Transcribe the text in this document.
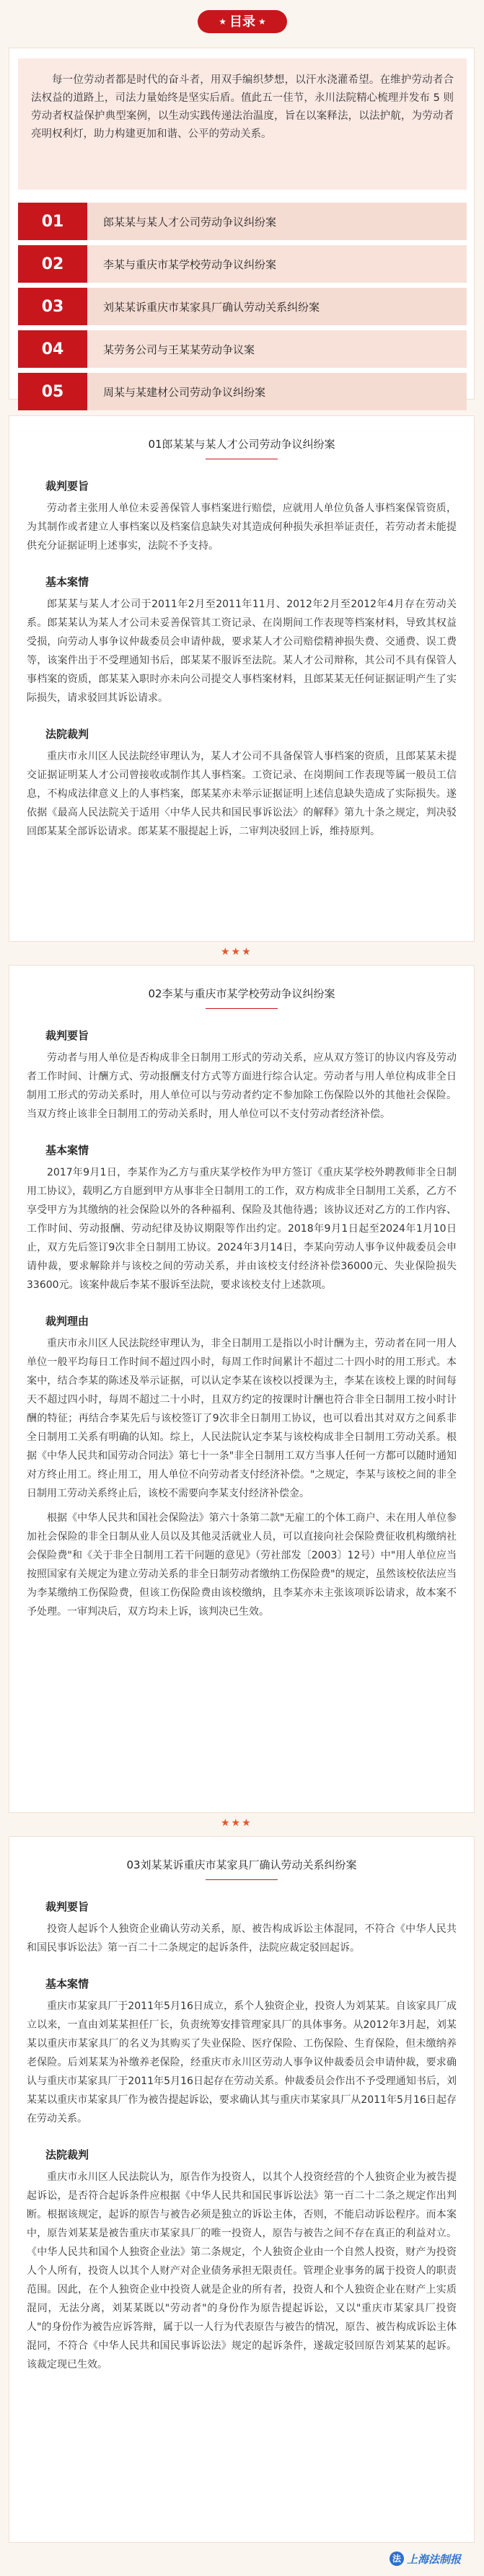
★ 目录 ★

每一位劳动者都是时代的奋斗者，用双手编织梦想，以汗水浇灌希望。在维护劳动者合法权益的道路上，司法力量始终是坚实后盾。值此五一佳节，永川法院精心梳理并发布 5 则劳动者权益保护典型案例，以生动实践传递法治温度，旨在以案释法，以法护航，为劳动者亮明权利灯，助力构建更加和谐、公平的劳动关系。

01	郎某某与某人才公司劳动争议纠纷案
02	李某与重庆市某学校劳动争议纠纷案
03	刘某某诉重庆市某家具厂确认劳动关系纠纷案
04	某劳务公司与王某某劳动争议案
05	周某与某建材公司劳动争议纠纷案
01郎某某与某人才公司劳动争议纠纷案
裁判要旨

劳动者主张用人单位未妥善保管人事档案进行赔偿，应就用人单位负备人事档案保管资质，为其制作或者建立人事档案以及档案信息缺失对其造成何种损失承担举证责任，若劳动者未能提供充分证据证明上述事实，法院不予支持。

基本案情

郎某某与某人才公司于2011年2月至2011年11月、2012年2月至2012年4月存在劳动关系。郎某某认为某人才公司未妥善保管其工资记录、在岗期间工作表现等档案材料，导致其权益受损，向劳动人事争议仲裁委员会申请仲裁，要求某人才公司赔偿精神损失费、交通费、误工费等，该案件出于不受理通知书后，郎某某不服诉至法院。某人才公司辩称，其公司不具有保管人事档案的资质，郎某某入职时亦未向公司提交人事档案材料，且郎某某无任何证据证明产生了实际损失，请求驳回其诉讼请求。

法院裁判

重庆市永川区人民法院经审理认为，某人才公司不具备保管人事档案的资质，且郎某某未提交证据证明某人才公司曾接收或制作其人事档案。工资记录、在岗期间工作表现等属一般员工信息，不构成法律意义上的人事档案，郎某某亦未举示证据证明上述信息缺失造成了实际损失。遂依据《最高人民法院关于适用〈中华人民共和国民事诉讼法〉的解释》第九十条之规定，判决驳回郎某某全部诉讼请求。郎某某不服提起上诉，二审判决驳回上诉，维持原判。

★★★
02李某与重庆市某学校劳动争议纠纷案
裁判要旨

劳动者与用人单位是否构成非全日制用工形式的劳动关系，应从双方签订的协议内容及劳动者工作时间、计酬方式、劳动报酬支付方式等方面进行综合认定。劳动者与用人单位构成非全日制用工形式的劳动关系时，用人单位可以与劳动者约定不参加除工伤保险以外的其他社会保险。当双方终止该非全日制用工的劳动关系时，用人单位可以不支付劳动者经济补偿。

基本案情

2017年9月1日，李某作为乙方与重庆某学校作为甲方签订《重庆某学校外聘教师非全日制用工协议》，载明乙方自愿到甲方从事非全日制用工的工作，双方构成非全日制用工关系，乙方不享受甲方为其缴纳的社会保险以外的各种福利、保险及其他待遇；该协议还对乙方的工作内容、工作时间、劳动报酬、劳动纪律及协议期限等作出约定。2018年9月1日起至2024年1月10日止，双方先后签订9次非全日制用工协议。2024年3月14日，李某向劳动人事争议仲裁委员会申请仲裁，要求解除并与该校之间的劳动关系，并由该校支付经济补偿36000元、失业保险损失33600元。该案仲裁后李某不服诉至法院，要求该校支付上述款项。

裁判理由

重庆市永川区人民法院经审理认为，非全日制用工是指以小时计酬为主，劳动者在同一用人单位一般平均每日工作时间不超过四小时，每周工作时间累计不超过二十四小时的用工形式。本案中，结合李某的陈述及举示证据，可以认定李某在该校以授课为主，李某在该校上课的时间每天不超过四小时，每周不超过二十小时，且双方约定的按课时计酬也符合非全日制用工按小时计酬的特征；再结合李某先后与该校签订了9次非全日制用工协议，也可以看出其对双方之间系非全日制用工关系有明确的认知。综上，人民法院认定李某与该校构成非全日制用工劳动关系。根据《中华人民共和国劳动合同法》第七十一条"非全日制用工双方当事人任何一方都可以随时通知对方终止用工。终止用工，用人单位不向劳动者支付经济补偿。"之规定，李某与该校之间的非全日制用工劳动关系终止后，该校不需要向李某支付经济补偿金。

根据《中华人民共和国社会保险法》第六十条第二款"无雇工的个体工商户、未在用人单位参加社会保险的非全日制从业人员以及其他灵活就业人员，可以直接向社会保险费征收机构缴纳社会保险费"和《关于非全日制用工若干问题的意见》（劳社部发〔2003〕12号）中"用人单位应当按照国家有关规定为建立劳动关系的非全日制劳动者缴纳工伤保险费"的规定，虽然该校依法应当为李某缴纳工伤保险费，但该工伤保险费由该校缴纳，且李某亦未主张该项诉讼请求，故本案不予处理。一审判决后，双方均未上诉，该判决已生效。

★★★
03刘某某诉重庆市某家具厂确认劳动关系纠纷案
裁判要旨

投资人起诉个人独资企业确认劳动关系，原、被告构成诉讼主体混同，不符合《中华人民共和国民事诉讼法》第一百二十二条规定的起诉条件，法院应裁定驳回起诉。

基本案情

重庆市某家具厂于2011年5月16日成立，系个人独资企业，投资人为刘某某。自该家具厂成立以来，一直由刘某某担任厂长，负责统筹安排管理家具厂的具体事务。从2012年3月起，刘某某以重庆市某家具厂的名义为其购买了失业保险、医疗保险、工伤保险、生育保险，但未缴纳养老保险。后刘某某为补缴养老保险，经重庆市永川区劳动人事争议仲裁委员会申请仲裁，要求确认与重庆市某家具厂于2011年5月16日起存在劳动关系。仲裁委员会作出不予受理通知书后，刘某某以重庆市某家具厂作为被告提起诉讼，要求确认其与重庆市某家具厂从2011年5月16日起存在劳动关系。

法院裁判

重庆市永川区人民法院认为，原告作为投资人，以其个人投资经营的个人独资企业为被告提起诉讼，是否符合起诉条件应根据《中华人民共和国民事诉讼法》第一百二十二条之规定作出判断。根据该规定，起诉的原告与被告必须是独立的诉讼主体，否则，不能启动诉讼程序。而本案中，原告刘某某是被告重庆市某家具厂的唯一投资人，原告与被告之间不存在真正的利益对立。《中华人民共和国个人独资企业法》第二条规定，个人独资企业由一个自然人投资，财产为投资人个人所有，投资人以其个人财产对企业债务承担无限责任。管理企业事务的属于投资人的职责范围。因此，在个人独资企业中投资人就是企业的所有者，投资人和个人独资企业在财产上实质混同，无法分离，刘某某既以"劳动者"的身份作为原告提起诉讼，又以"重庆市某家具厂投资人"的身份作为被告应诉答辩，属于以一人行为代表原告与被告的情况，原告、被告构成诉讼主体混同，不符合《中华人民共和国民事诉讼法》规定的起诉条件，遂裁定驳回原告刘某某的起诉。该裁定现已生效。

法 上海法制报
